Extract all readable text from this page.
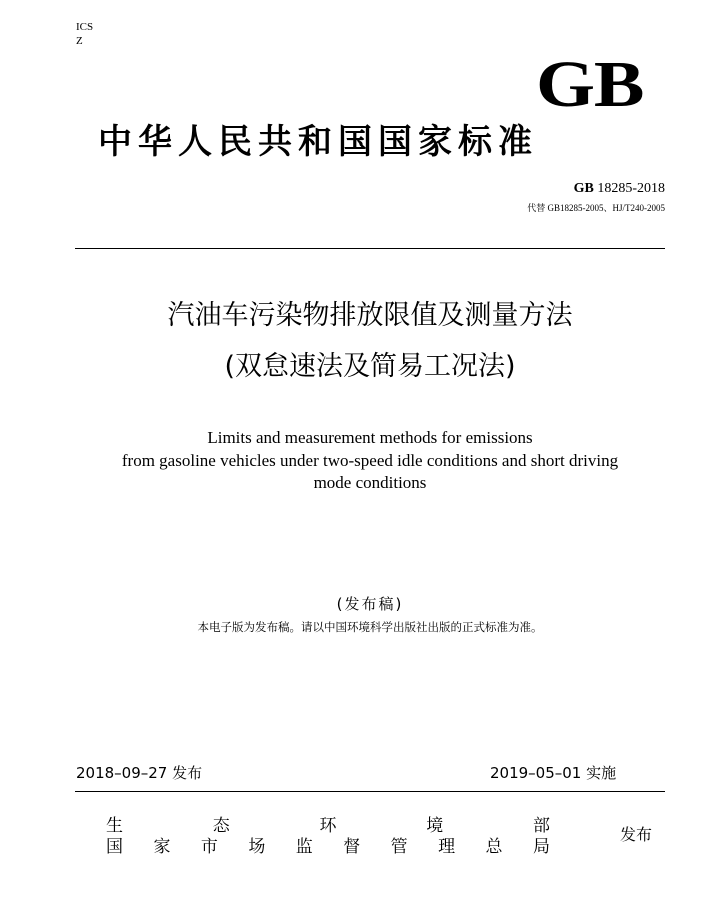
ICS
Z
GB
中华人民共和国国家标准
GB 18285-2018
代替 GB18285-2005、HJ/T240-2005
汽油车污染物排放限值及测量方法
(双怠速法及简易工况法)
Limits and measurement methods for emissions
from gasoline vehicles under two-speed idle conditions and short driving
mode conditions
(发布稿)
本电子版为发布稿。请以中国环境科学出版社出版的正式标准为准。
2018–09–27 发布	2019–05–01 实施
生	态	环	境	部
国 家 市 场 监 督 管 理 总 局
发布
